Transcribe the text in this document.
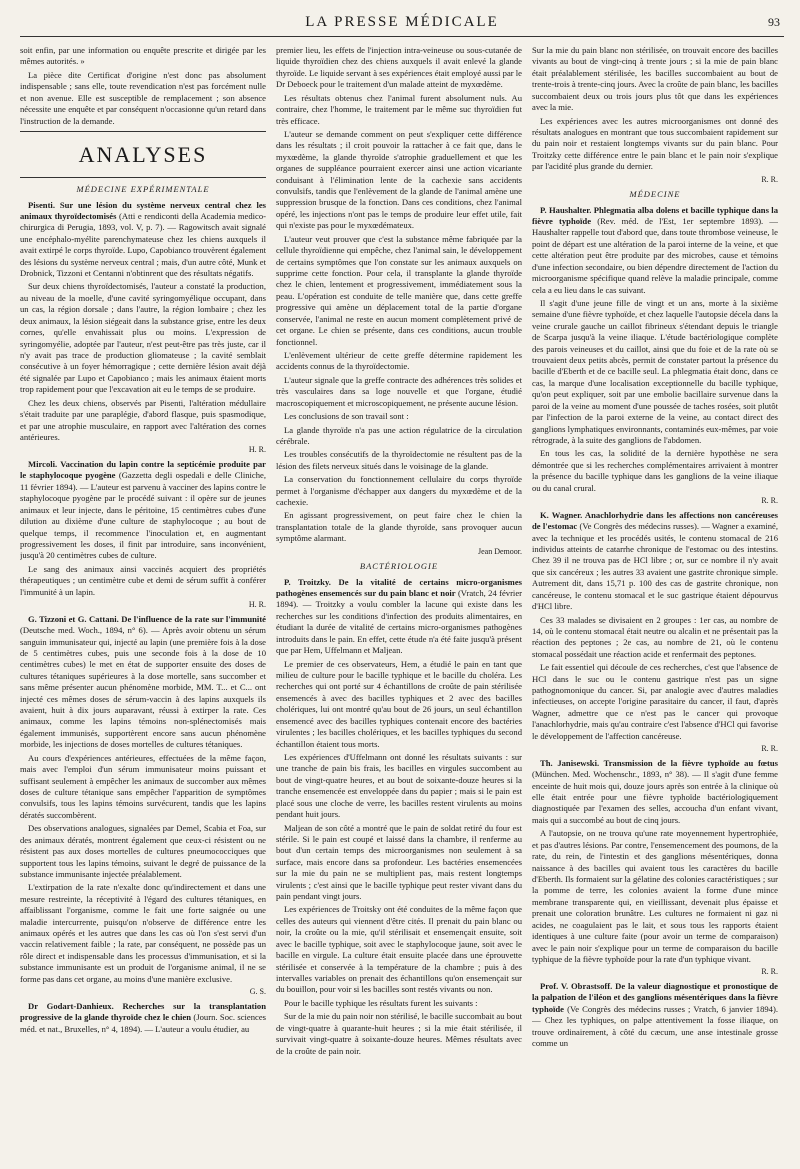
LA PRESSE MÉDICALE	93

soit enfin, par une information ou enquête prescrite et dirigée par les mêmes autorités. »

La pièce dite Certificat d'origine n'est donc pas absolument indispensable ; sans elle, toute revendication n'est pas forcément nulle et non avenue. Elle est susceptible de remplacement ; son absence nécessite une enquête et par conséquent n'occasionne qu'un retard dans l'instruction de la demande.

ANALYSES
MÉDECINE EXPÉRIMENTALE

Pisenti. Sur une lésion du système nerveux central chez les animaux thyroïdectomisés (Atti e rendiconti della Academia medico-chirurgica di Perugia, 1893, vol. V, p. 7). — Ragowitsch avait signalé une encéphalo-myélite parenchymateuse chez les chiens auxquels il avait extirpé le corps thyroïde. Lupo, Capobianco trouvèrent également des lésions du système nerveux central ; mais, d'un autre côté, Munk et Drobnick, Tizzoni et Centanni n'obtinrent que des résultats négatifs.

Sur deux chiens thyroïdectomisés, l'auteur a constaté la production, au niveau de la moelle, d'une cavité syringomyélique occupant, dans un cas, la région dorsale ; dans l'autre, la région lombaire ; chez les deux animaux, la lésion siégeait dans la substance grise, entre les deux cornes, qu'elle envahissait plus ou moins. L'expression de syringomyélie, adoptée par l'auteur, n'est peut-être pas très juste, car il n'y avait pas trace de production gliomateuse ; la cavité semblait consécutive à un foyer hémorragique ; cette dernière lésion avait déjà été signalée par Lupo et Capobianco ; mais les animaux étaient morts trop rapidement pour que l'excavation ait eu le temps de se produire.

Chez les deux chiens, observés par Pisenti, l'altération médullaire s'était traduite par une paraplégie, d'abord flasque, puis spasmodique, et par une atrophie musculaire, en rapport avec l'altération des cornes antérieures.

H. R.

Mircoli. Vaccination du lapin contre la septicémie produite par le staphylocoque pyogène (Gazzetta degli ospedali e delle Cliniche, 11 février 1894). — L'auteur est parvenu à vacciner des lapins contre le staphylocoque pyogène par le procédé suivant : il opère sur de jeunes animaux et leur injecte, dans le péritoine, 15 centimètres cubes d'une dilution au dixième d'une culture de staphylocoque ; au bout de quelque temps, il recommence l'inoculation et, en augmentant progressivement les doses, il finit par introduire, sans inconvénient, jusqu'à 20 centimètres cubes de culture.

Le sang des animaux ainsi vaccinés acquiert des propriétés thérapeutiques ; un centimètre cube et demi de sérum suffit à conférer l'immunité à un lapin.

H. R.

G. Tizzoni et G. Cattani. De l'influence de la rate sur l'immunité (Deutsche med. Woch., 1894, n° 6). — Après avoir obtenu un sérum sanguin immunisateur qui, injecté au lapin (une première fois à la dose de 5 centimètres cubes, puis une seconde fois à la dose de 10 centimètres cubes) le met en état de supporter ensuite des doses de cultures tétaniques supérieures à la dose mortelle, sans succomber et sans même présenter aucun phénomène morbide, MM. T... et C... ont injecté ces mêmes doses de sérum-vaccin à des lapins auxquels ils avaient, huit à dix jours auparavant, réussi à extirper la rate. Ces animaux, comme les lapins témoins non-splénectomisés mais également immunisés, supportèrent encore sans aucun phénomène morbide, les injections de doses mortelles de cultures tétaniques.

Au cours d'expériences antérieures, effectuées de la même façon, mais avec l'emploi d'un sérum immunisateur moins puissant et suffisant seulement à empêcher les animaux de succomber aux mêmes doses de culture tétanique sans empêcher l'apparition de symptômes convulsifs, tous les lapins témoins survécurent, tandis que les lapins dératés succombèrent.

Des observations analogues, signalées par Demel, Scabia et Foa, sur des animaux dératés, montrent également que ceux-ci résistent ou ne résistent pas aux doses mortelles de cultures pneumococciques que supportent tous les lapins témoins, suivant le degré de puissance de la substance immunisante injectée préalablement.

L'extirpation de la rate n'exalte donc qu'indirectement et dans une mesure restreinte, la réceptivité à l'égard des cultures tétaniques, en affaiblissant l'organisme, comme le fait une forte saignée ou une maladie intercurrente, puisqu'on n'observe de différence entre les animaux opérés et les autres que dans les cas où l'on s'est servi d'un vaccin relativement faible ; la rate, par conséquent, ne possède pas un rôle direct et indispensable dans les processus d'immunisation, et si la substance immunisante est un produit de l'organisme animal, il ne se forme pas dans cet organe, au moins d'une manière exclusive.

G. S.

Dr Godart-Danhieux. Recherches sur la transplantation progressive de la glande thyroïde chez le chien (Journ. Soc. sciences méd. et nat., Bruxelles, n° 4, 1894). — L'auteur a voulu étudier, au

premier lieu, les effets de l'injection intra-veineuse ou sous-cutanée de liquide thyroïdien chez des chiens auxquels il avait enlevé la glande thyroïde. Le liquide servant à ses expériences était employé aussi par le Dr Deboeck pour le traitement d'un malade atteint de myxœdème.

Les résultats obtenus chez l'animal furent absolument nuls. Au contraire, chez l'homme, le traitement par le même suc thyroïdien fut très efficace.

L'auteur se demande comment on peut s'expliquer cette différence dans les résultats ; il croit pouvoir la rattacher à ce fait que, dans le myxœdème, la glande thyroïde s'atrophie graduellement et que les organes de suppléance pourraient exercer ainsi une action vicariante conduisant à l'élimination lente de la cachexie sans accidents convulsifs, tandis que l'enlèvement de la glande de l'animal amène une suppression brusque de la fonction. Dans ces conditions, chez l'animal opéré, les injections n'ont pas le temps de produire leur effet utile, fait qui n'existe pas pour le myxœdémateux.

L'auteur veut prouver que c'est la substance même fabriquée par la cellule thyroïdienne qui empêche, chez l'animal sain, le développement de certains symptômes que l'on constate sur les animaux auxquels on supprime cette fonction. Pour cela, il transplante la glande thyroïde chez le chien, lentement et progressivement, immédiatement sous la peau. L'opération est conduite de telle manière que, dans cette greffe progressive qui amène un déplacement total de la partie d'organe conservée, l'animal ne reste en aucun moment complètement privé de cet organe. Le chien se présente, dans ces conditions, aucun trouble fonctionnel.

L'enlèvement ultérieur de cette greffe détermine rapidement les accidents connus de la thyroïdectomie.

L'auteur signale que la greffe contracte des adhérences très solides et très vasculaires dans sa loge nouvelle et que l'organe, étudié macroscopiquement et microscopiquement, ne présente aucune lésion.

Les conclusions de son travail sont :

La glande thyroïde n'a pas une action régulatrice de la circulation cérébrale.

Les troubles consécutifs de la thyroïdectomie ne résultent pas de la lésion des filets nerveux situés dans le voisinage de la glande.

La conservation du fonctionnement cellulaire du corps thyroïde permet à l'organisme d'échapper aux dangers du myxœdème et de la cachexie.

En agissant progressivement, on peut faire chez le chien la transplantation totale de la glande thyroïde, sans provoquer aucun symptôme alarmant.

Jean Demoor.
BACTÉRIOLOGIE

P. Troitzky. De la vitalité de certains micro-organismes pathogènes ensemencés sur du pain blanc et noir (Vratch, 24 février 1894). — Troitzky a voulu combler la lacune qui existe dans les recherches sur les conditions d'infection des produits alimentaires, en étudiant la durée de vitalité de certains micro-organismes pathogènes introduits dans le pain. En effet, cette étude n'a été faite jusqu'à présent que par Hem, Uffelmann et Maljean.

Le premier de ces observateurs, Hem, a étudié le pain en tant que milieu de culture pour le bacille typhique et le bacille du choléra. Les recherches qui ont porté sur 4 échantillons de croûte de pain stérilisée ensemencés à avec des bacilles typhiques et 2 avec des bacilles cholériques, lui ont montré qu'au bout de 26 jours, un seul échantillon ensemencé avec des bacilles typhiques contenait encore des bactéries virulentes ; les bacilles cholériques, et les bacilles typhiques du second échantillon étaient tous morts.

Les expériences d'Uffelmann ont donné les résultats suivants : sur une tranche de pain bis frais, les bacilles en virgules succombent au bout de vingt-quatre heures, et au bout de soixante-douze heures si la tranche ensemencée est enveloppée dans du papier ; mais si le pain est placé sous une cloche de verre, les bacilles restent virulents au moins pendant huit jours.

Maljean de son côté a montré que le pain de soldat retiré du four est stérile. Si le pain est coupé et laissé dans la chambre, il renferme au bout d'un certain temps des microorganismes non seulement à sa surface, mais encore dans sa profondeur. Les bactéries ensemencées sur la mie du pain ne se multiplient pas, mais restent longtemps virulents ; c'est ainsi que le bacille typhique peut rester vivant dans du pain pendant vingt jours.

Les expériences de Troitsky ont été conduites de la même façon que celles des auteurs qui viennent d'être cités. Il prenait du pain blanc ou noir, la croûte ou la mie, qu'il stérilisait et ensemençait ensuite, soit avec le bacille typhique, soit avec le staphylocoque jaune, soit avec le bacille en virgule. La culture était ensuite placée dans une éprouvette stérilisée et conservée à la température de la chambre ; puis à des intervalles variables on prenait des échantillons qu'on ensemençait sur du bouillon, pour voir si les bacilles sont restés vivants ou non.

Pour le bacille typhique les résultats furent les suivants :

Sur de la mie du pain noir non stérilisé, le bacille succombait au bout de vingt-quatre à quarante-huit heures ; si la mie était stérilisée, il survivait vingt-quatre à soixante-douze heures. Mêmes résultats avec de la croûte de pain noir.

Sur la mie du pain blanc non stérilisée, on trouvait encore des bacilles vivants au bout de vingt-cinq à trente jours ; si la mie de pain blanc était préalablement stérilisée, les bacilles succombaient au bout de trente-trois à trente-cinq jours. Avec la croûte de pain blanc, les bacilles succombaient deux ou trois jours plus tôt que dans les expériences avec la mie.

Les expériences avec les autres microorganismes ont donné des résultats analogues en montrant que tous succombaient rapidement sur du pain noir et restaient longtemps vivants sur du pain blanc. Pour Troitzky cette différence entre le pain blanc et le pain noir s'explique par l'acidité plus grande du dernier.

R. R.
MÉDECINE

P. Haushalter. Phlegmatia alba dolens et bacille typhique dans la fièvre typhoïde (Rev. méd. de l'Est, 1er septembre 1893). — Haushalter rappelle tout d'abord que, dans toute thrombose veineuse, le point de départ est une altération de la paroi interne de la veine, et que cette altération peut être produite par des microbes, cause et témoins d'une infection secondaire, ou bien dépendre directement de l'action du microorganisme spécifique quand relève la maladie principale, comme cela a eu lieu dans le cas suivant.

Il s'agit d'une jeune fille de vingt et un ans, morte à la sixième semaine d'une fièvre typhoïde, et chez laquelle l'autopsie décela dans la veine crurale gauche un caillot fibrineux s'étendant depuis le triangle de Scarpa jusqu'à la veine iliaque. L'étude bactériologique complète des parois veineuses et du caillot, ainsi que du foie et de la rate où se trouvaient deux petits abcès, permit de constater partout la présence du bacille d'Eberth et de ce bacille seul. La phlegmatia était donc, dans ce cas, la marque d'une localisation exceptionnelle du bacille typhique, qu'on peut expliquer, soit par une embolie bacillaire survenue dans la paroi de la veine au moment d'une poussée de taches rosées, soit plutôt par l'infection de la paroi externe de la veine, au contact direct des ganglions lymphatiques environnants, contaminés eux-mêmes, par voie rétrograde, à la suite des ganglions de l'abdomen.

En tous les cas, la solidité de la dernière hypothèse ne sera démontrée que si les recherches complémentaires arrivaient à montrer la présence du bacille typhique dans les ganglions de la veine iliaque ou du canal crural.

R. R.

K. Wagner. Anachlorhydrie dans les affections non cancéreuses de l'estomac (Ve Congrès des médecins russes). — Wagner a examiné, avec la technique et les procédés usités, le contenu stomacal de 216 individus atteints de catarrhe chronique de l'estomac ou des intestins. Chez 39 il ne trouva pas de HCl libre ; or, sur ce nombre il n'y avait que six cancéreux ; les autres 33 avaient une gastrite chronique simple. Autrement dit, dans 15,71 p. 100 des cas de gastrite chronique, non cancéreuse, le contenu stomacal et le suc gastrique étaient dépourvus d'HCl libre.

Ces 33 malades se divisaient en 2 groupes : 1er cas, au nombre de 14, où le contenu stomacal était neutre ou alcalin et ne présentait pas la réaction des peptones ; 2e cas, au nombre de 21, où le contenu stomacal possédait une réaction acide et renfermait des peptones.

Le fait essentiel qui découle de ces recherches, c'est que l'absence de HCl dans le suc ou le contenu gastrique n'est pas un signe pathognomonique du cancer. Si, par analogie avec d'autres maladies infectieuses, on accepte l'origine parasitaire du cancer, il faut, d'après Wagner, admettre que ce n'est pas le cancer qui provoque l'anachlorhydrie, mais qu'au contraire c'est l'absence d'HCl qui favorise le développement de l'affection cancéreuse.

R. R.

Th. Janisewski. Transmission de la fièvre typhoïde au fœtus (München. Med. Wochenschr., 1893, n° 38). — Il s'agit d'une femme enceinte de huit mois qui, douze jours après son entrée à la clinique où elle était entrée pour une fièvre typhoïde bactériologiquement diagnostiquée par l'examen des selles, accoucha d'un enfant vivant, mais qui a succombé au bout de cinq jours.

A l'autopsie, on ne trouva qu'une rate moyennement hypertrophiée, et pas d'autres lésions. Par contre, l'ensemencement des poumons, de la rate, du rein, de l'intestin et des ganglions mésentériques, donna naissance à des bacilles qui avaient tous les caractères du bacille d'Eberth. Ils formaient sur la gélatine des colonies caractéristiques ; sur la pomme de terre, les colonies avaient la forme d'une mince membrane transparente qui, en vieillissant, devenait plus épaisse et prenait une coloration brunâtre. Les cultures ne formaient ni gaz ni acides, ne coagulaient pas le lait, et sous tous les rapports étaient identiques à une culture faite (pour avoir un terme de comparaison) avec le pain noir s'explique pour un terme de comparaison du bacille typhique de la fièvre typhoïde pour la rate d'un typhique vivant.

R. R.

Prof. V. Obrastsoff. De la valeur diagnostique et pronostique de la palpation de l'iléon et des ganglions mésentériques dans la fièvre typhoïde (Ve Congrès des médecins russes ; Vratch, 6 janvier 1894). — Chez les typhiques, on palpe attentivement la fosse iliaque, on trouve ordinairement, à côté du cæcum, une anse intestinale grosse comme un
